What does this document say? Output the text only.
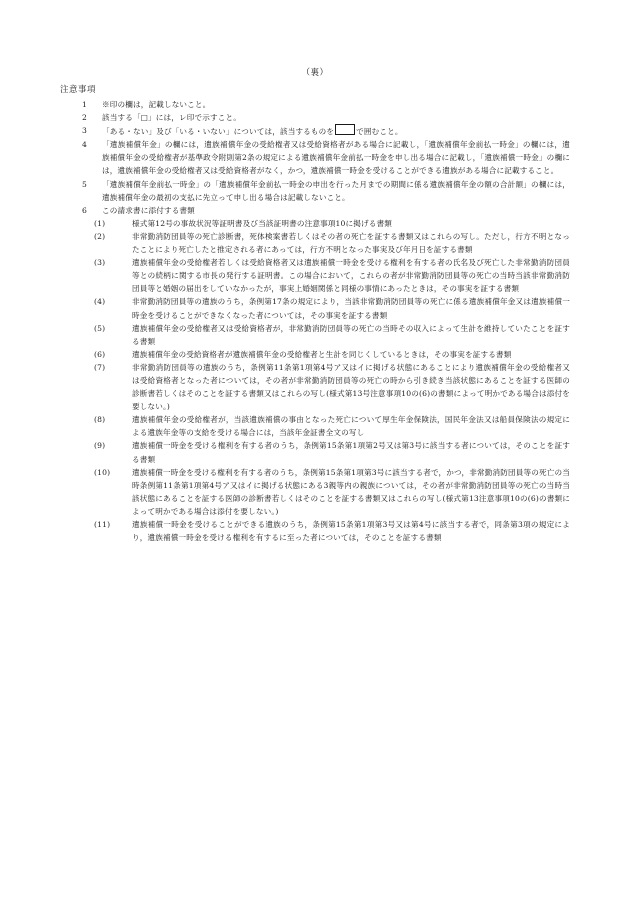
（裏）
注意事項
1 ※印の欄は，記載しないこと。
2 該当する「□」には，レ印で示すこと。
3 「ある・ない」及び「いる・いない」については，該当するものを	で囲むこと。
4 「遺族補償年金」の欄には，遺族補償年金の受給権者又は受給資格者がある場合に記載し，「遺族補償年金前払一時金」の欄には，遺族補償年金の受給権者が基準政令附則第2条の規定による遺族補償年金前払一時金を申し出る場合に記載し，「遺族補償一時金」の欄には，遺族補償年金の受給権者又は受給資格者がなく，かつ，遺族補償一時金を受けることができる遺族がある場合に記載すること。
5 「遺族補償年金前払一時金」の「遺族補償年金前払一時金の申出を行った月までの期間に係る遺族補償年金の額の合計額」の欄には，遺族補償年金の最初の支払に先立って申し出る場合は記載しないこと。
6 この請求書に添付する書類
(1)	様式第12号の事故状況等証明書及び当該証明書の注意事項10に掲げる書類
(2)	非常勤消防団員等の死亡診断書，死体検案書若しくはその者の死亡を証する書類又はこれらの写し。ただし，行方不明となったことにより死亡したと推定される者にあっては，行方不明となった事実及び年月日を証する書類
(3)	遺族補償年金の受給権者若しくは受給資格者又は遺族補償一時金を受ける権利を有する者の氏名及び死亡した非常勤消防団員等との続柄に関する市長の発行する証明書。この場合において，これらの者が非常勤消防団員等の死亡の当時当該非常勤消防団員等と婚姻の届出をしていなかったが，事実上婚姻関係と同様の事情にあったときは，その事実を証する書類
(4)	非常勤消防団員等の遺族のうち，条例第17条の規定により，当該非常勤消防団員等の死亡に係る遺族補償年金又は遺族補償一時金を受けることができなくなった者については，その事実を証する書類
(5)	遺族補償年金の受給権者又は受給資格者が，非常勤消防団員等の死亡の当時その収入によって生計を維持していたことを証する書類
(6)	遺族補償年金の受給資格者が遺族補償年金の受給権者と生計を同じくしているときは，その事実を証する書類
(7)	非常勤消防団員等の遺族のうち，条例第11条第1項第4号ア又はイに掲げる状態にあることにより遺族補償年金の受給権者又は受給資格者となった者については，その者が非常勤消防団員等の死亡の時から引き続き当該状態にあることを証する医師の診断書若しくはそのことを証する書類又はこれらの写し(様式第13号注意事項10の(6)の書類によって明かである場合は添付を要しない。)
(8)	遺族補償年金の受給権者が，当該遺族補償の事由となった死亡について厚生年金保険法，国民年金法又は船員保険法の規定による遺族年金等の支給を受ける場合には，当該年金証書全文の写し
(9)	遺族補償一時金を受ける権利を有する者のうち，条例第15条第1項第2号又は第3号に該当する者については，そのことを証する書類
(10)	遺族補償一時金を受ける権利を有する者のうち，条例第15条第1項第3号に該当する者で，かつ，非常勤消防団員等の死亡の当時条例第11条第1項第4号ア又はイに掲げる状態にある3親等内の親族については，その者が非常勤消防団員等の死亡の当時当該状態にあることを証する医師の診断書若しくはそのことを証する書類又はこれらの写し(様式第13注意事項10の(6)の書類によって明かである場合は添付を要しない。)
(11)	遺族補償一時金を受けることができる遺族のうち，条例第15条第1項第3号又は第4号に該当する者で，同条第3項の規定により，遺族補償一時金を受ける権利を有するに至った者については，そのことを証する書類
